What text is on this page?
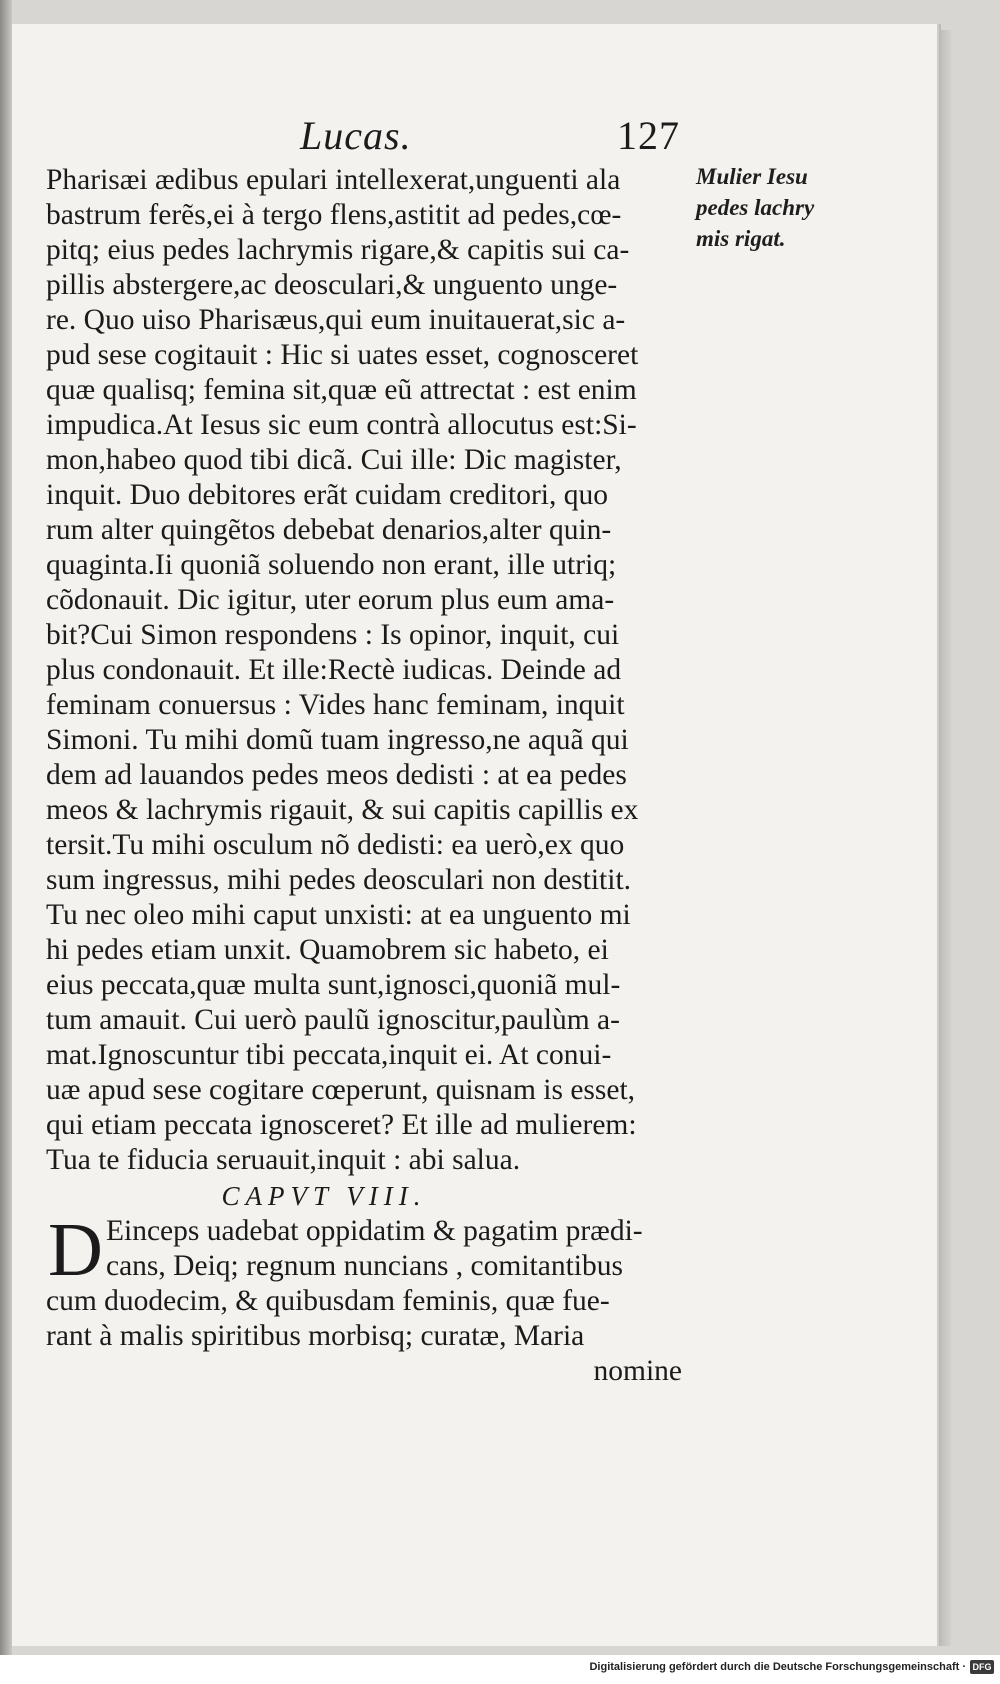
Lucas.	127
Mulier Iesu
pedes lachry
mis rigat.
Pharisæi ædibus epulari intellexerat,unguenti ala
bastrum ferẽs,ei à tergo flens,astitit ad pedes,cœ-
pitq; eius pedes lachrymis rigare,& capitis sui ca-
pillis abstergere,ac deosculari,& unguento unge-
re. Quo uiso Pharisæus,qui eum inuitauerat,sic a-
pud sese cogitauit : Hic si uates esset, cognosceret
quæ qualisq; femina sit,quæ eũ attrectat : est enim
impudica.At Iesus sic eum contrà allocutus est:Si-
mon,habeo quod tibi dicã. Cui ille: Dic magister,
inquit. Duo debitores erãt cuidam creditori, quo
rum alter quingẽtos debebat denarios,alter quin-
quaginta.Ii quoniã soluendo non erant, ille utriq;
cõdonauit. Dic igitur, uter eorum plus eum ama-
bit?Cui Simon respondens : Is opinor, inquit, cui
plus condonauit. Et ille:Rectè iudicas. Deinde ad
feminam conuersus : Vides hanc feminam, inquit
Simoni. Tu mihi domũ tuam ingresso,ne aquã qui
dem ad lauandos pedes meos dedisti : at ea pedes
meos & lachrymis rigauit, & sui capitis capillis ex
tersit.Tu mihi osculum nõ dedisti: ea uerò,ex quo
sum ingressus, mihi pedes deosculari non destitit.
Tu nec oleo mihi caput unxisti: at ea unguento mi
hi pedes etiam unxit. Quamobrem sic habeto, ei
eius peccata,quæ multa sunt,ignosci,quoniã mul-
tum amauit. Cui uerò paulũ ignoscitur,paulùm a-
mat.Ignoscuntur tibi peccata,inquit ei. At conui-
uæ apud sese cogitare cœperunt, quisnam is esset,
qui etiam peccata ignosceret? Et ille ad mulierem:
Tua te fiducia seruauit,inquit : abi salua.
CAPVT VIII.
D Einceps uadebat oppidatim & pagatim prædi-
cans, Deiq; regnum nuncians , comitantibus
cum duodecim, & quibusdam feminis, quæ fue-
rant à malis spiritibus morbisq; curatæ, Maria
nomine
Digitalisierung gefördert durch die Deutsche Forschungsgemeinschaft · DFG
